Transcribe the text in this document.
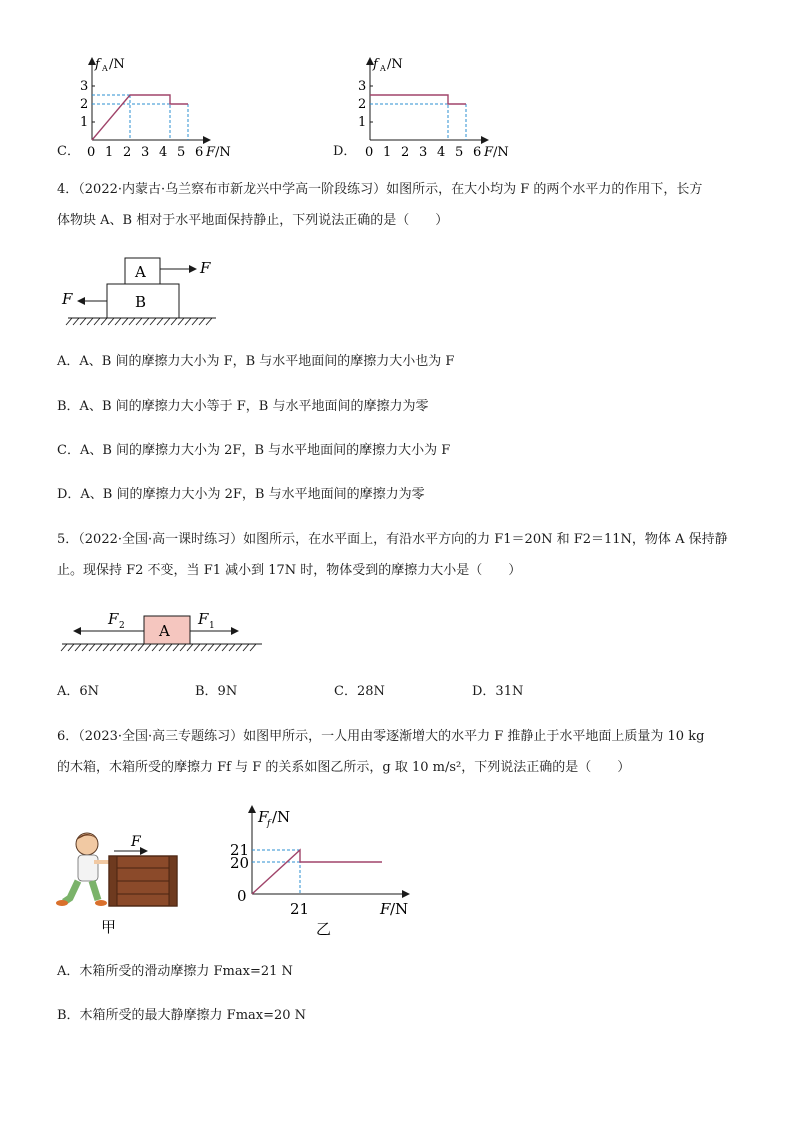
C．
f A /N
1
2
3
0 1 2 3 4 5 6 F /N	D．
f A /N
1
2
3
0 1 2 3 4 5 6 F /N
4．（2022·内蒙古·乌兰察布市新龙兴中学高一阶段练习）如图所示，在大小均为 F 的两个水平力的作用下，长方
体物块 A、B 相对于水平地面保持静止，下列说法正确的是（　　）
A
B
F
F
A．A、B 间的摩擦力大小为 F，B 与水平地面间的摩擦力大小也为 F
B．A、B 间的摩擦力大小等于 F，B 与水平地面间的摩擦力为零
C．A、B 间的摩擦力大小为 2F，B 与水平地面间的摩擦力大小为 F
D．A、B 间的摩擦力大小为 2F，B 与水平地面间的摩擦力为零
5．（2022·全国·高一课时练习）如图所示，在水平面上，有沿水平方向的力 F1＝20N 和 F2＝11N，物体 A 保持静
止。现保持 F2 不变，当 F1 减小到 17N 时，物体受到的摩擦力大小是（　　）
A
F 2	F 1
A．6N	B．9N	C．28N	D．31N
6．（2023·全国·高三专题练习）如图甲所示，一人用由零逐渐增大的水平力 F 推静止于水平地面上质量为 10 kg
的木箱，木箱所受的摩擦力 Ff 与 F 的关系如图乙所示，g 取 10 m/s²，下列说法正确的是（　　）
F
甲
F
f /N
21
20
0
21	F /N
乙
A．木箱所受的滑动摩擦力 Fmax=21 N
B．木箱所受的最大静摩擦力 Fmax=20 N
